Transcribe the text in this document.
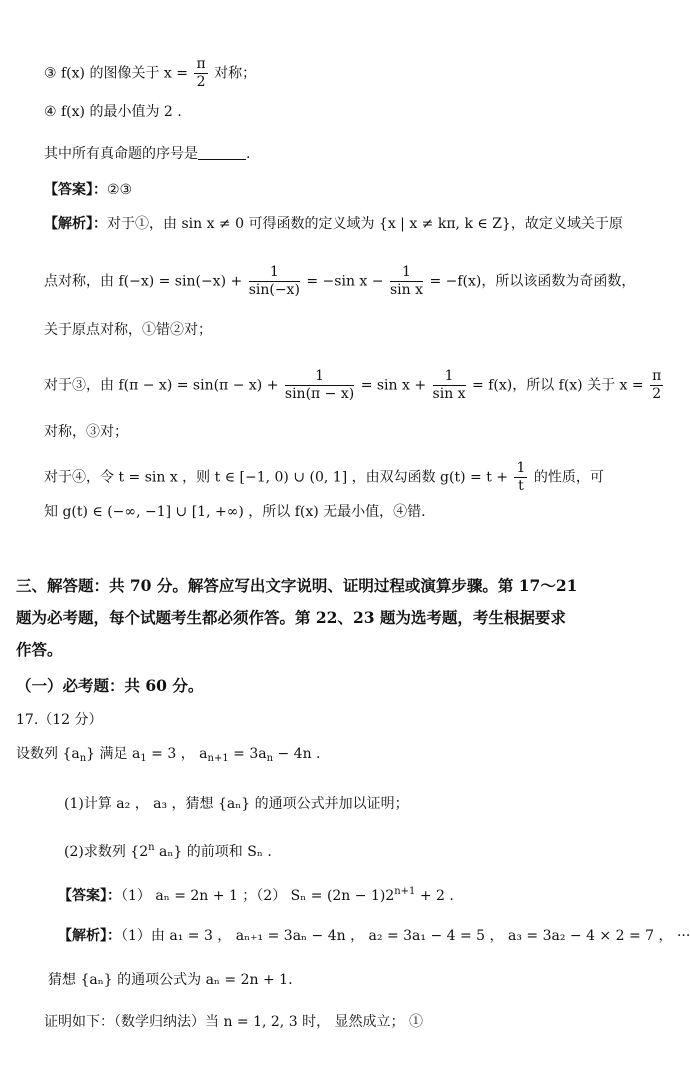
③ f(x) 的图像关于 $x = \frac{\pi}{2}$ 对称；
④ f(x) 的最小值为 2 .
其中所有真命题的序号是	.
【答案】：②③
【解析】：对于①，由 sin x ≠ 0 可得函数的定义域为 {x | x ≠ kπ, k ∈ Z}，故定义域关于原
点对称，由 $f(-x) = \sin(-x) + \frac{1}{\sin(-x)} = -\sin$ $x - \frac{1}{\text{sin x}} = -f(x)$，所以该函数为奇函数，
关于原点对称，①错②对；
对于③，由 $f(\pi - x) = \sin(\pi - x) + \frac{1}{\sin(\pi - x)} = \sin x + \frac{1}{\text{sin x}} = f(x)$，所以 f(x) 关于 $x = \frac{\pi}{2}$
对称，③对；
对于④，令 t = sin x ，则 t ∈ [−1, 0) ∪ (0, 1] ，由双勾函数 $g(t) = t + \frac{1}{t}$ 的性质，可
知 g(t) ∈ (−∞, −1] ∪ [1, +∞) ，所以 f(x) 无最小值，④错.
三、解答题：共 70 分。解答应写出文字说明、证明过程或演算步骤。第 17～21
题为必考题，每个试题考生都必须作答。第 22、23 题为选考题，考生根据要求
作答。
（一）必考题：共 60 分。
17.（12 分）
设数列 $\{a_n\}$ 满足 $a_1 = 3$ ， $a_{n+1} = 3a_n - 4n$ .
(1)计算 a₂ ， a₃ ，猜想 {aₙ} 的通项公式并加以证明；
(2)求数列 {2$^n$ aₙ} 的前项和 Sₙ .
【答案】：（1） aₙ = 2n + 1 ；（2） $S_n = (2n - 1)2^{n+1} + 2$ .
【解析】：（1）由 a₁ = 3 ， aₙ₊₁ = 3aₙ − 4n ， a₂ = 3a₁ − 4 = 5 ， a₃ = 3a₂ − 4 × 2 = 7 ， ···
猜想 {aₙ} 的通项公式为 aₙ = 2n + 1.
证明如下：（数学归纳法）当 n = 1, 2, 3 时， 显然成立； ①
